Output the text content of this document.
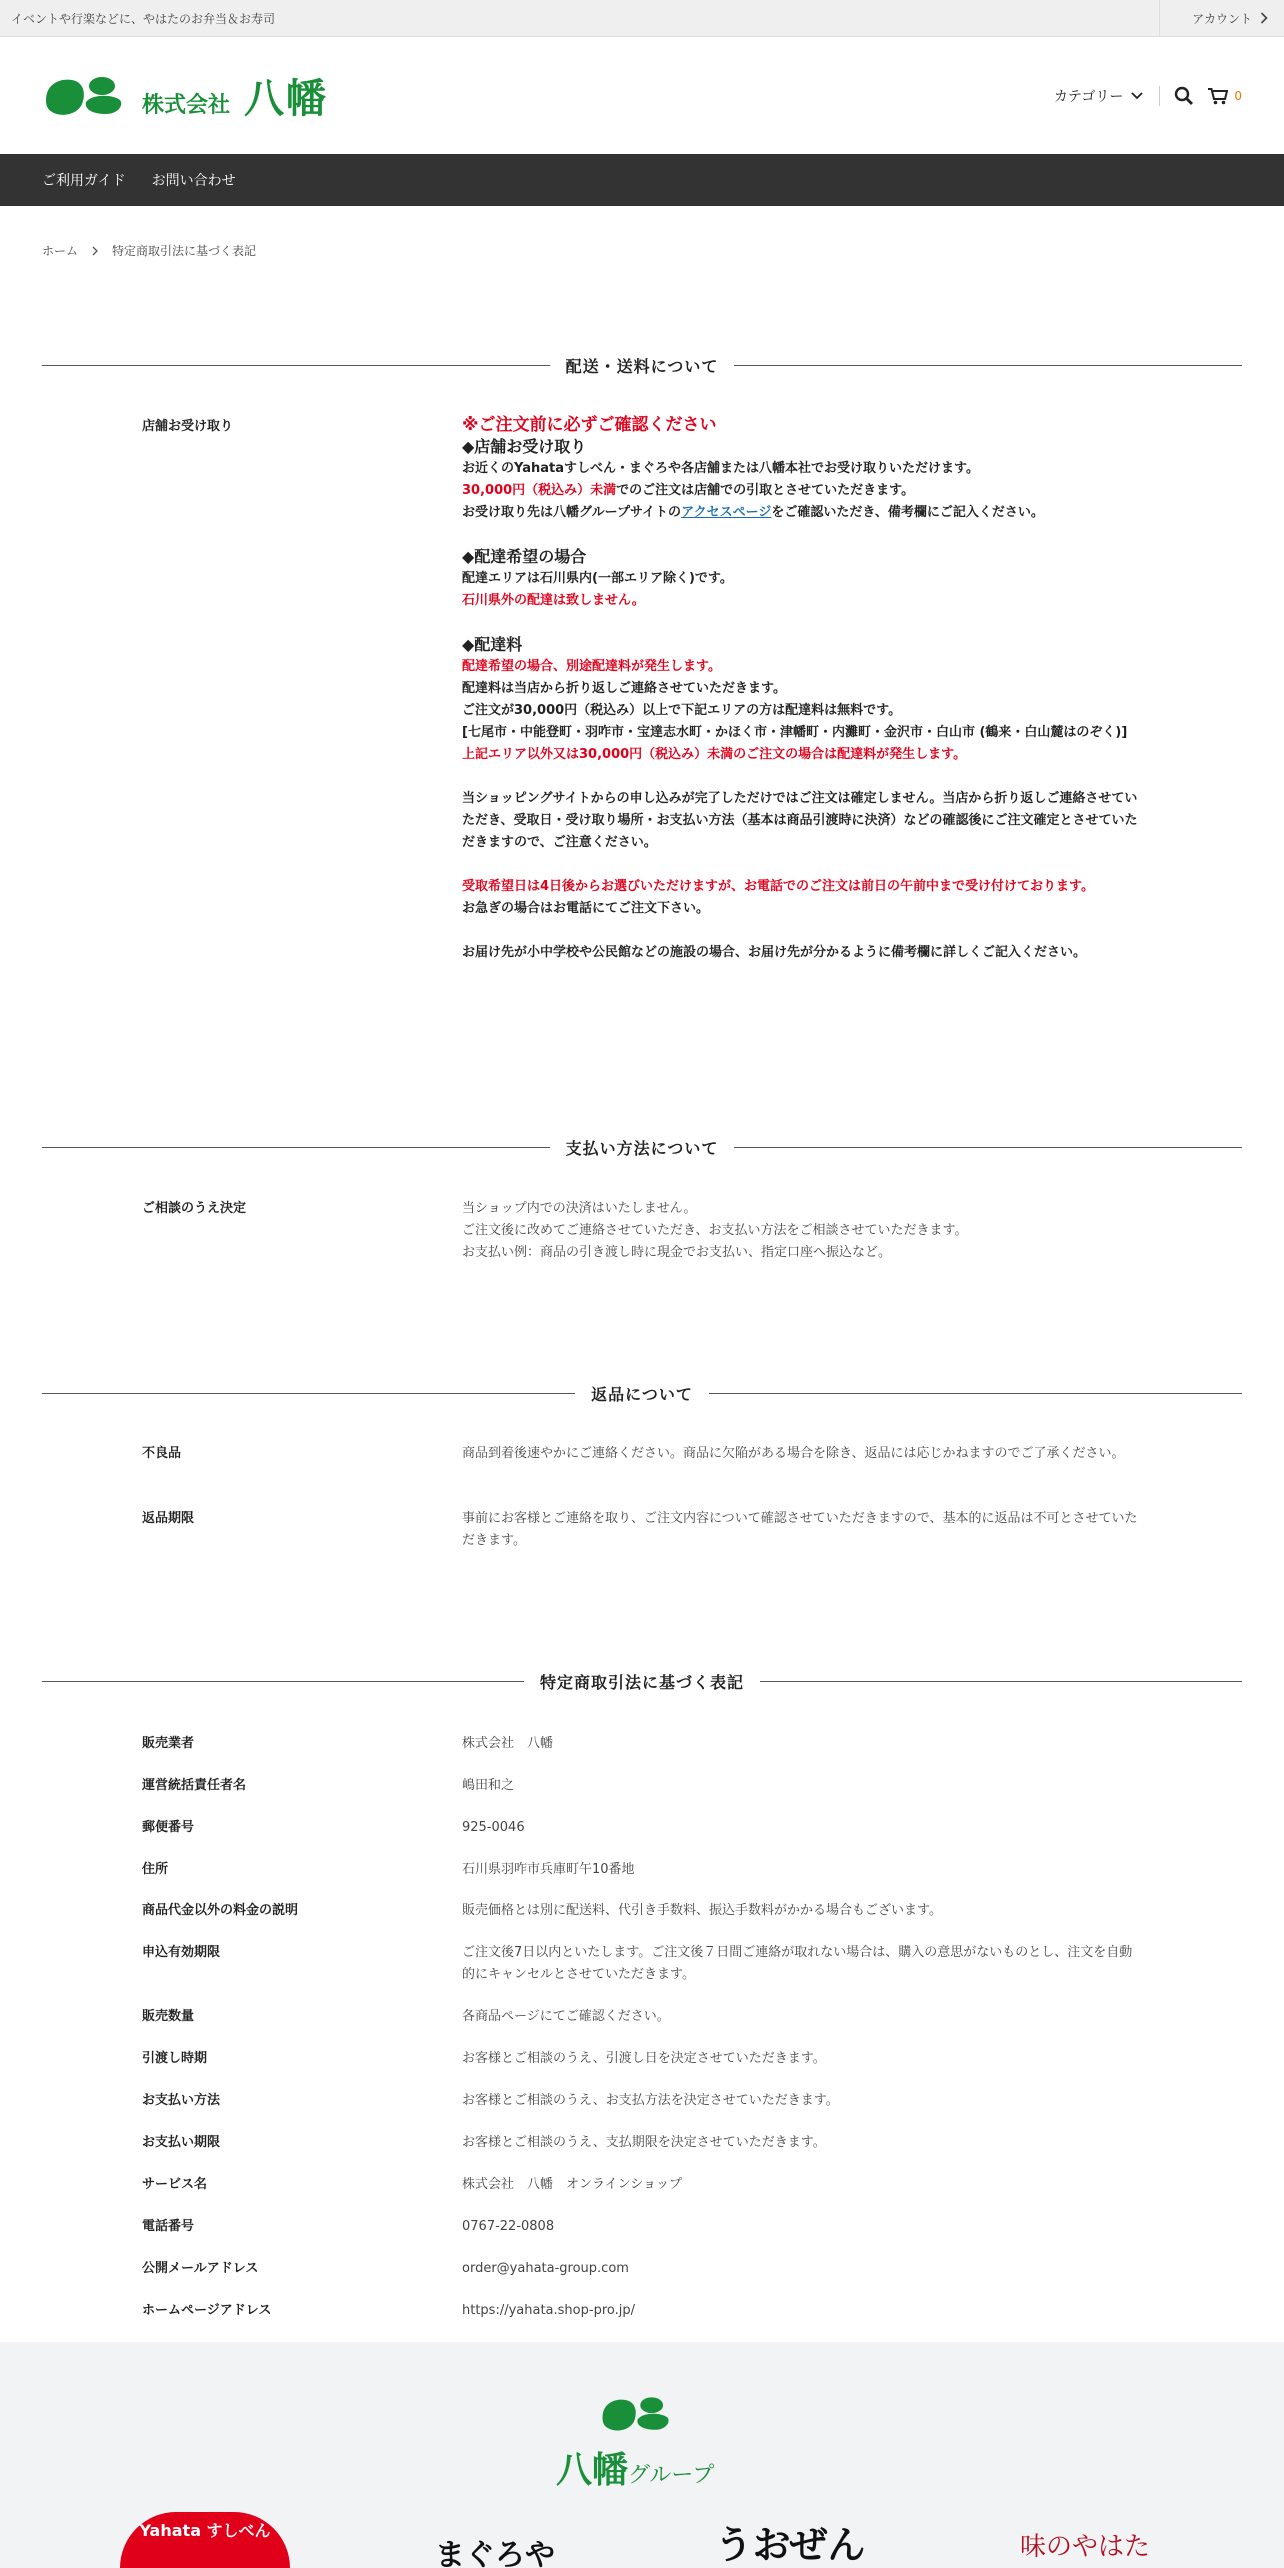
イベントや行楽などに、やはたのお弁当＆お寿司	アカウント
株式会社 八幡	カテゴリー	0
ご利用ガイド お問い合わせ
ホーム	特定商取引法に基づく表記
配送・送料について
店舗お受け取り	※ご注文前に必ずご確認ください
◆店舗お受け取り
お近くのYahataすしべん・まぐろや各店舗または八幡本社でお受け取りいただけます。
30,000円（税込み）未満でのご注文は店舗での引取とさせていただきます。
お受け取り先は八幡グループサイトのアクセスページをご確認いただき、備考欄にご記入ください。
◆配達希望の場合
配達エリアは石川県内(一部エリア除く)です。
石川県外の配達は致しません。
◆配達料
配達希望の場合、別途配達料が発生します。
配達料は当店から折り返しご連絡させていただきます。
ご注文が30,000円（税込み）以上で下記エリアの方は配達料は無料です。
[七尾市・中能登町・羽咋市・宝達志水町・かほく市・津幡町・内灘町・金沢市・白山市 (鶴来・白山麓はのぞく)]
上記エリア以外又は30,000円（税込み）未満のご注文の場合は配達料が発生します。
当ショッピングサイトからの申し込みが完了しただけではご注文は確定しません。当店から折り返しご連絡させていただき、受取日・受け取り場所・お支払い方法（基本は商品引渡時に決済）などの確認後にご注文確定とさせていただきますので、ご注意ください。
受取希望日は4日後からお選びいただけますが、お電話でのご注文は前日の午前中まで受け付けております。
お急ぎの場合はお電話にてご注文下さい。
お届け先が小中学校や公民館などの施設の場合、お届け先が分かるように備考欄に詳しくご記入ください。
支払い方法について
ご相談のうえ決定	当ショップ内での決済はいたしません。
ご注文後に改めてご連絡させていただき、お支払い方法をご相談させていただきます。
お支払い例：商品の引き渡し時に現金でお支払い、指定口座へ振込など。
返品について
不良品	商品到着後速やかにご連絡ください。商品に欠陥がある場合を除き、返品には応じかねますのでご了承ください。
返品期限	事前にお客様とご連絡を取り、ご注文内容について確認させていただきますので、基本的に返品は不可とさせていただきます。
特定商取引法に基づく表記
販売業者	株式会社　八幡
運営統括責任者名	嶋田和之
郵便番号	925-0046
住所	石川県羽咋市兵庫町午10番地
商品代金以外の料金の説明	販売価格とは別に配送料、代引き手数料、振込手数料がかかる場合もございます。
申込有効期限	ご注文後7日以内といたします。ご注文後７日間ご連絡が取れない場合は、購入の意思がないものとし、注文を自動的にキャンセルとさせていただきます。
販売数量	各商品ページにてご確認ください。
引渡し時期	お客様とご相談のうえ、引渡し日を決定させていただきます。
お支払い方法	お客様とご相談のうえ、お支払方法を決定させていただきます。
お支払い期限	お客様とご相談のうえ、支払期限を決定させていただきます。
サービス名	株式会社　八幡　オンラインショップ
電話番号	0767-22-0808
公開メールアドレス	order@yahata-group.com
ホームページアドレス	https://yahata.shop-pro.jp/
八幡グループ
Yahata すしべん
まぐろや	うおぜん	味のやはた
